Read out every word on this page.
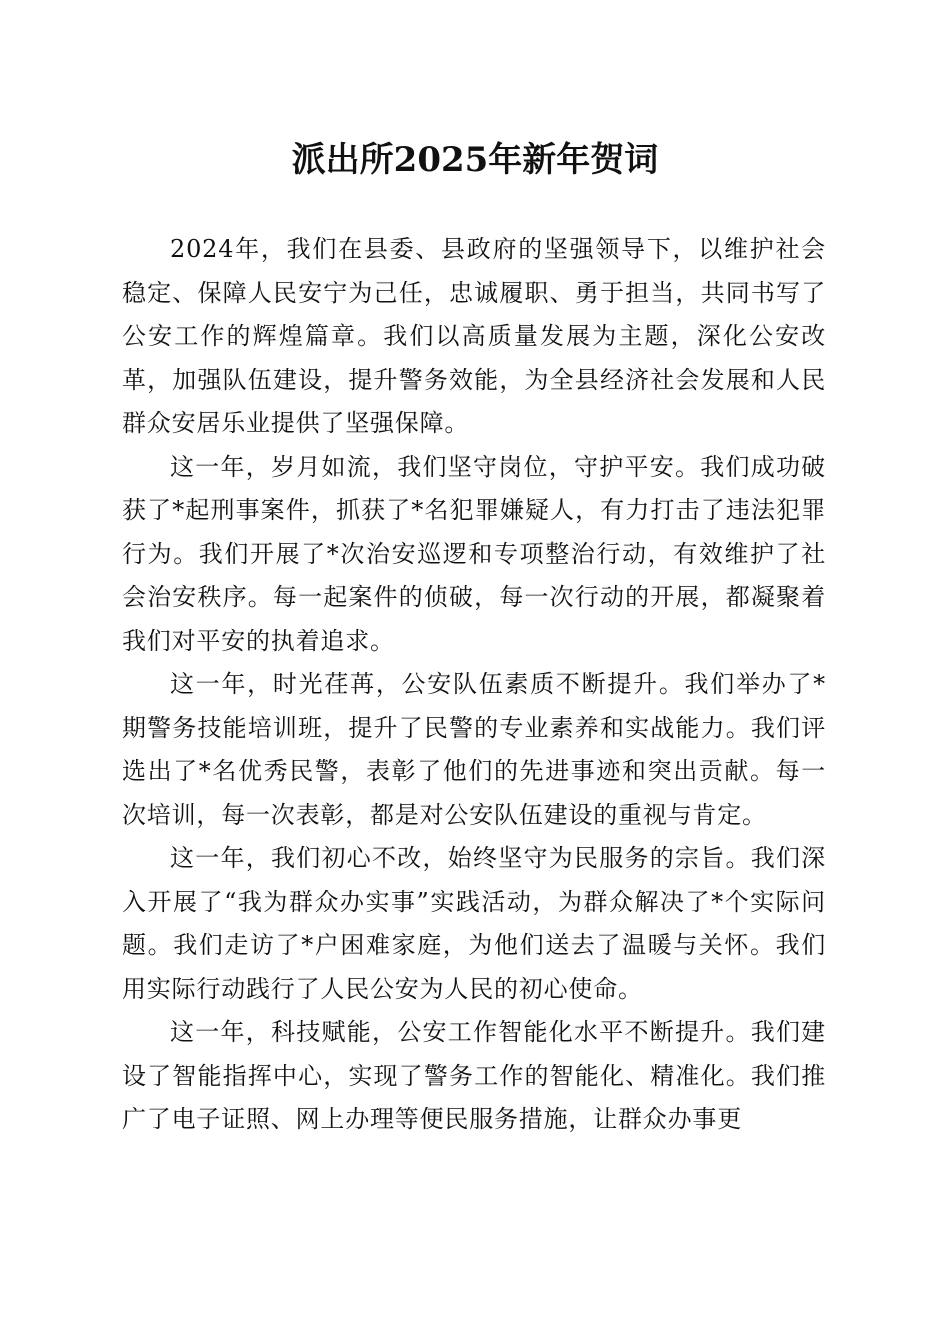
派出所2025年新年贺词

2024年，我们在县委、县政府的坚强领导下，以维护社会稳定、保障人民安宁为己任，忠诚履职、勇于担当，共同书写了公安工作的辉煌篇章。我们以高质量发展为主题，深化公安改革，加强队伍建设，提升警务效能，为全县经济社会发展和人民群众安居乐业提供了坚强保障。

这一年，岁月如流，我们坚守岗位，守护平安。我们成功破获了*起刑事案件，抓获了*名犯罪嫌疑人，有力打击了违法犯罪行为。我们开展了*次治安巡逻和专项整治行动，有效维护了社会治安秩序。每一起案件的侦破，每一次行动的开展，都凝聚着我们对平安的执着追求。

这一年，时光荏苒，公安队伍素质不断提升。我们举办了*期警务技能培训班，提升了民警的专业素养和实战能力。我们评选出了*名优秀民警，表彰了他们的先进事迹和突出贡献。每一次培训，每一次表彰，都是对公安队伍建设的重视与肯定。

这一年，我们初心不改，始终坚守为民服务的宗旨。我们深入开展了“我为群众办实事”实践活动，为群众解决了*个实际问题。我们走访了*户困难家庭，为他们送去了温暖与关怀。我们用实际行动践行了人民公安为人民的初心使命。

这一年，科技赋能，公安工作智能化水平不断提升。我们建设了智能指挥中心，实现了警务工作的智能化、精准化。我们推广了电子证照、网上办理等便民服务措施，让群众办事更
